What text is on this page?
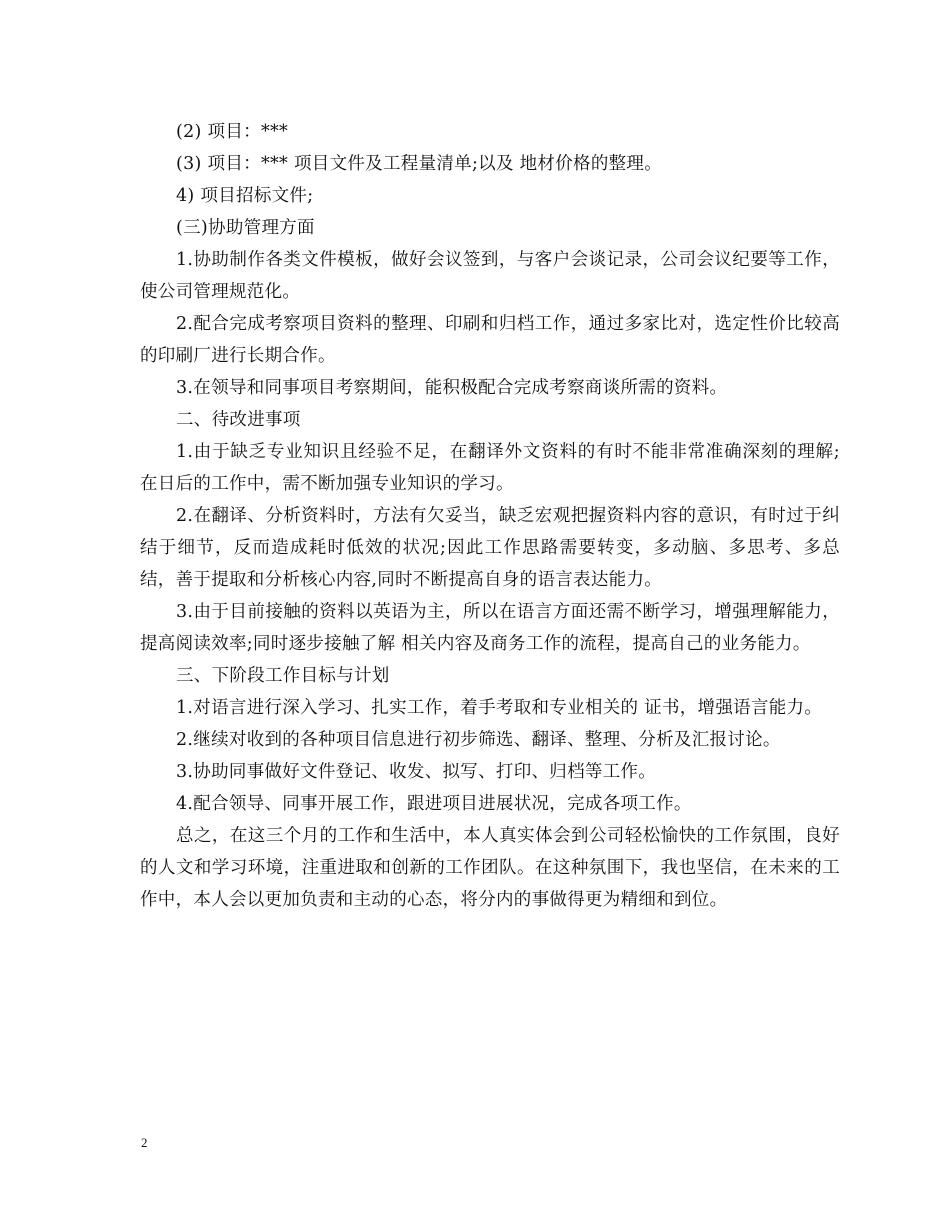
(2) 项目：***

(3) 项目：*** 项目文件及工程量清单;以及 地材价格的整理。

4) 项目招标文件;

(三)协助管理方面

1.协助制作各类文件模板，做好会议签到，与客户会谈记录，公司会议纪要等工作，使公司管理规范化。

2.配合完成考察项目资料的整理、印刷和归档工作，通过多家比对，选定性价比较高的印刷厂进行长期合作。

3.在领导和同事项目考察期间，能积极配合完成考察商谈所需的资料。

二、待改进事项

1.由于缺乏专业知识且经验不足，在翻译外文资料的有时不能非常准确深刻的理解;在日后的工作中，需不断加强专业知识的学习。

2.在翻译、分析资料时，方法有欠妥当，缺乏宏观把握资料内容的意识，有时过于纠结于细节，反而造成耗时低效的状况;因此工作思路需要转变，多动脑、多思考、多总结，善于提取和分析核心内容,同时不断提高自身的语言表达能力。

3.由于目前接触的资料以英语为主，所以在语言方面还需不断学习，增强理解能力，提高阅读效率;同时逐步接触了解 相关内容及商务工作的流程，提高自己的业务能力。

三、下阶段工作目标与计划

1.对语言进行深入学习、扎实工作，着手考取和专业相关的 证书，增强语言能力。

2.继续对收到的各种项目信息进行初步筛选、翻译、整理、分析及汇报讨论。

3.协助同事做好文件登记、收发、拟写、打印、归档等工作。

4.配合领导、同事开展工作，跟进项目进展状况，完成各项工作。

总之，在这三个月的工作和生活中，本人真实体会到公司轻松愉快的工作氛围，良好的人文和学习环境，注重进取和创新的工作团队。在这种氛围下，我也坚信，在未来的工作中，本人会以更加负责和主动的心态，将分内的事做得更为精细和到位。

2
